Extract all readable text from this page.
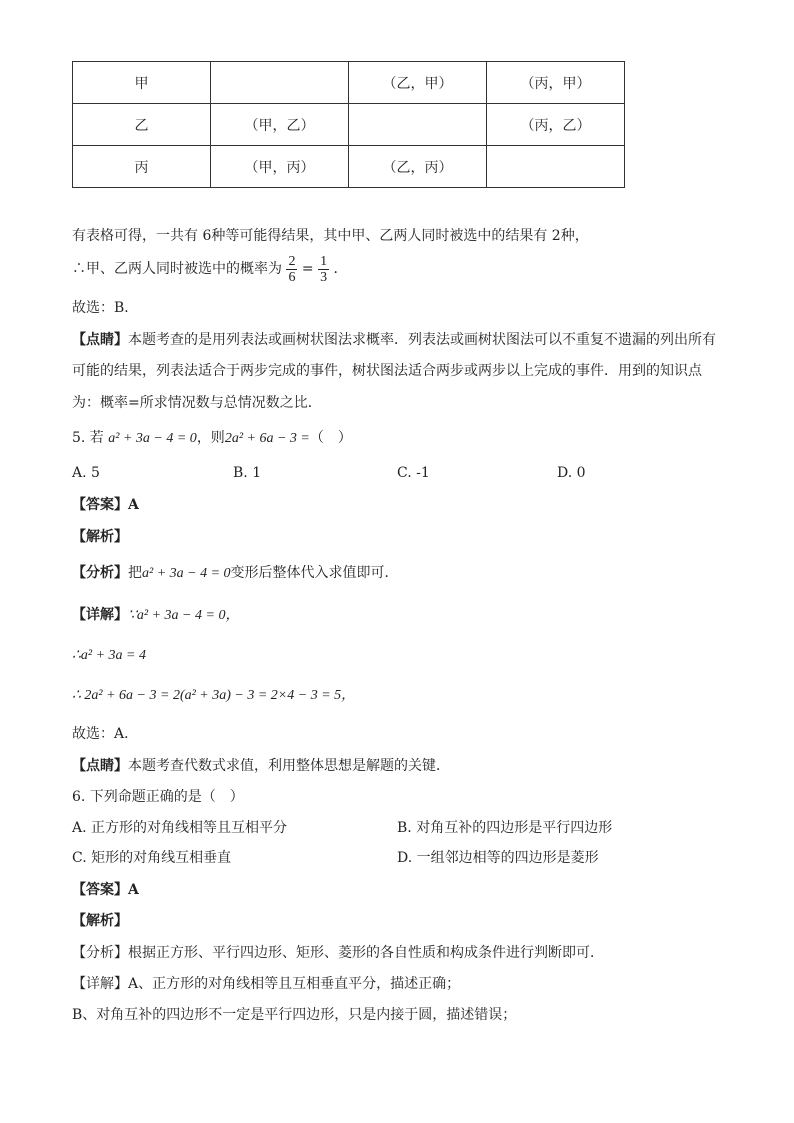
甲		（乙，甲）	（丙，甲）
乙	（甲，乙）		（丙，乙）
丙	（甲，丙）	（乙，丙）	
有表格可得，一共有 6种等可能得结果，其中甲、乙两人同时被选中的结果有 2种，
∴甲、乙两人同时被选中的概率为 $\frac{2}{6} = \frac{1}{3}$ ．
故选：B．
【点睛】本题考查的是用列表法或画树状图法求概率．列表法或画树状图法可以不重复不遗漏的列出所有
可能的结果，列表法适合于两步完成的事件，树状图法适合两步或两步以上完成的事件．用到的知识点
为：概率=所求情况数与总情况数之比．
5. 若 a² + 3a − 4 = 0，则2a² + 6a − 3 =（　）
A. 5	B. 1	C. -1	D. 0
【答案】A
【解析】
【分析】把a² + 3a − 4 = 0变形后整体代入求值即可．
【详解】∵a² + 3a − 4 = 0，
∴a² + 3a = 4
∴ 2a² + 6a − 3 = 2(a² + 3a) − 3 = 2×4 − 3 = 5，
故选：A．
【点睛】本题考查代数式求值，利用整体思想是解题的关键．
6. 下列命题正确的是（　）
A. 正方形的对角线相等且互相平分	B. 对角互补的四边形是平行四边形
C. 矩形的对角线互相垂直	D. 一组邻边相等的四边形是菱形
【答案】A
【解析】
【分析】根据正方形、平行四边形、矩形、菱形的各自性质和构成条件进行判断即可．
【详解】A、正方形的对角线相等且互相垂直平分，描述正确；
B、对角互补的四边形不一定是平行四边形，只是内接于圆，描述错误；
